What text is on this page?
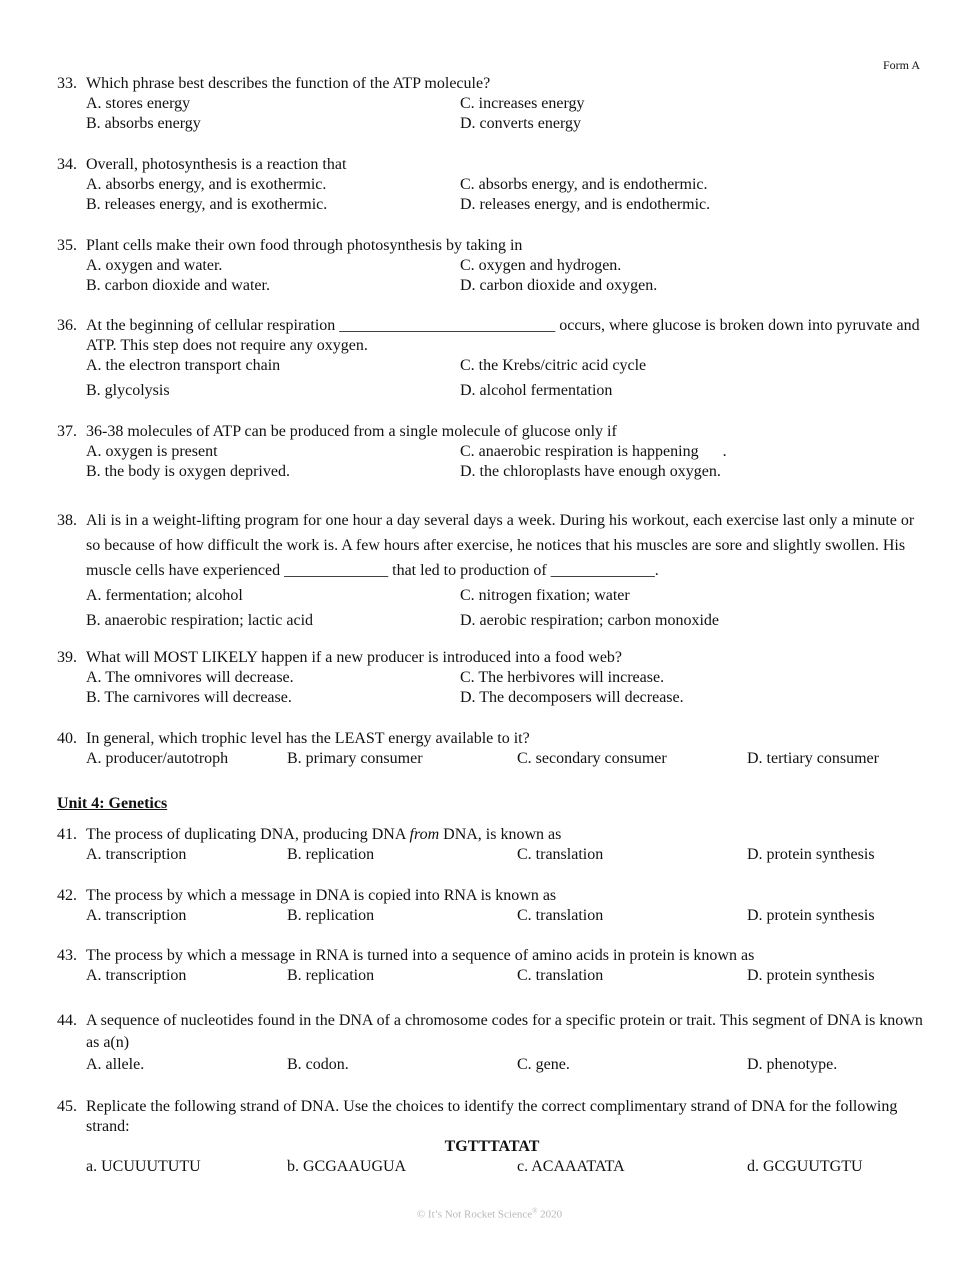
Form A
33. Which phrase best describes the function of the ATP molecule?
A. stores energy	C. increases energy
B. absorbs energy	D. converts energy
34. Overall, photosynthesis is a reaction that
A. absorbs energy, and is exothermic.	C. absorbs energy, and is endothermic.
B. releases energy, and is exothermic.	D. releases energy, and is endothermic.
35. Plant cells make their own food through photosynthesis by taking in
A. oxygen and water.	C. oxygen and hydrogen.
B. carbon dioxide and water.	D. carbon dioxide and oxygen.
36. At the beginning of cellular respiration ___________________________ occurs, where glucose is broken down into pyruvate and ATP. This step does not require any oxygen.
A. the electron transport chain	C. the Krebs/citric acid cycle
B. glycolysis	D. alcohol fermentation
37. 36-38 molecules of ATP can be produced from a single molecule of glucose only if
A. oxygen is present	C. anaerobic respiration is happening      .
B. the body is oxygen deprived.	D. the chloroplasts have enough oxygen.
38. Ali is in a weight-lifting program for one hour a day several days a week. During his workout, each exercise last only a minute or so because of how difficult the work is. A few hours after exercise, he notices that his muscles are sore and slightly swollen. His muscle cells have experienced _____________ that led to production of _____________.
A. fermentation; alcohol	C. nitrogen fixation; water
B. anaerobic respiration; lactic acid	D. aerobic respiration; carbon monoxide
39. What will MOST LIKELY happen if a new producer is introduced into a food web?
A. The omnivores will decrease.	C. The herbivores will increase.
B. The carnivores will decrease.	D. The decomposers will decrease.
40. In general, which trophic level has the LEAST energy available to it?
A. producer/autotroph	B. primary consumer	C. secondary consumer	D. tertiary consumer
Unit 4: Genetics
41. The process of duplicating DNA, producing DNA from DNA, is known as
A. transcription	B. replication	C. translation	D. protein synthesis
42. The process by which a message in DNA is copied into RNA is known as
A. transcription	B. replication	C. translation	D. protein synthesis
43. The process by which a message in RNA is turned into a sequence of amino acids in protein is known as
A. transcription	B. replication	C. translation	D. protein synthesis
44. A sequence of nucleotides found in the DNA of a chromosome codes for a specific protein or trait. This segment of DNA is known as a(n)
A. allele.	B. codon.	C. gene.	D. phenotype.
45. Replicate the following strand of DNA. Use the choices to identify the correct complimentary strand of DNA for the following strand:
TGTTTATAT
a. UCUUUTUTU	b. GCGAAUGUA	c. ACAAATATA	d. GCGUUTGTU
© It’s Not Rocket Science® 2020
